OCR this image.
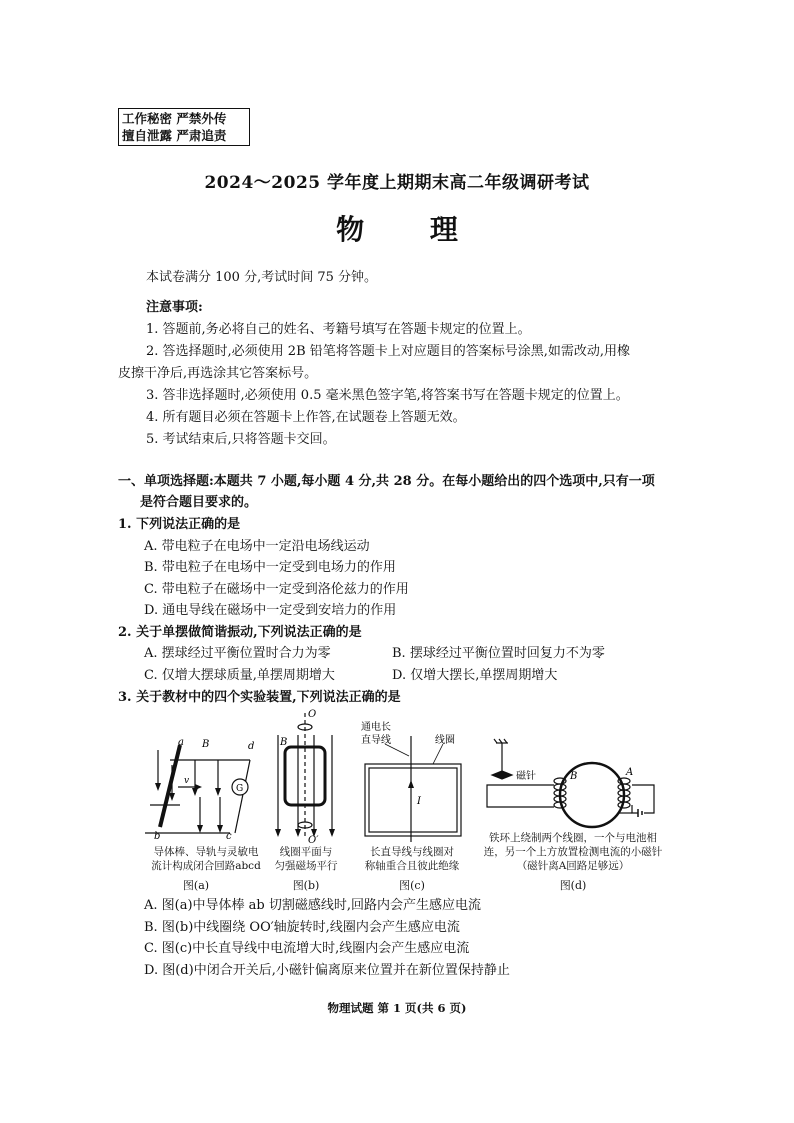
工作秘密 严禁外传
擅自泄露 严肃追责
2024～2025 学年度上期期末高二年级调研考试
物 理
本试卷满分 100 分,考试时间 75 分钟。
注意事项:
1. 答题前,务必将自己的姓名、考籍号填写在答题卡规定的位置上。
2. 答选择题时,必须使用 2B 铅笔将答题卡上对应题目的答案标号涂黑,如需改动,用橡
皮擦干净后,再选涂其它答案标号。
3. 答非选择题时,必须使用 0.5 毫米黑色签字笔,将答案书写在答题卡规定的位置上。
4. 所有题目必须在答题卡上作答,在试题卷上答题无效。
5. 考试结束后,只将答题卡交回。
一、单项选择题:本题共 7 小题,每小题 4 分,共 28 分。在每小题给出的四个选项中,只有一项
是符合题目要求的。
1. 下列说法正确的是
A. 带电粒子在电场中一定沿电场线运动
B. 带电粒子在电场中一定受到电场力的作用
C. 带电粒子在磁场中一定受到洛伦兹力的作用
D. 通电导线在磁场中一定受到安培力的作用
2. 关于单摆做简谐振动,下列说法正确的是
A. 摆球经过平衡位置时合力为零	B. 摆球经过平衡位置时回复力不为零
C. 仅增大摆球质量,单摆周期增大	D. 仅增大摆长,单摆周期增大
3. 关于教材中的四个实验装置,下列说法正确的是
G
a B	d
v
b	c
导体棒、导轨与灵敏电
流计构成闭合回路abcd
图(a)
O
O′
B
线圈平面与
匀强磁场平行
图(b)
通电长
直导线	线圈
I
长直导线与线圈对
称轴重合且彼此绝缘
图(c)
磁针	B	A
铁环上绕制两个线圈，一个与电池相
连，另一个上方放置检测电流的小磁针
（磁针离A回路足够远）
图(d)
A. 图(a)中导体棒 ab 切割磁感线时,回路内会产生感应电流
B. 图(b)中线圈绕 OO′轴旋转时,线圈内会产生感应电流
C. 图(c)中长直导线中电流增大时,线圈内会产生感应电流
D. 图(d)中闭合开关后,小磁针偏离原来位置并在新位置保持静止
物理试题 第 1 页(共 6 页)
